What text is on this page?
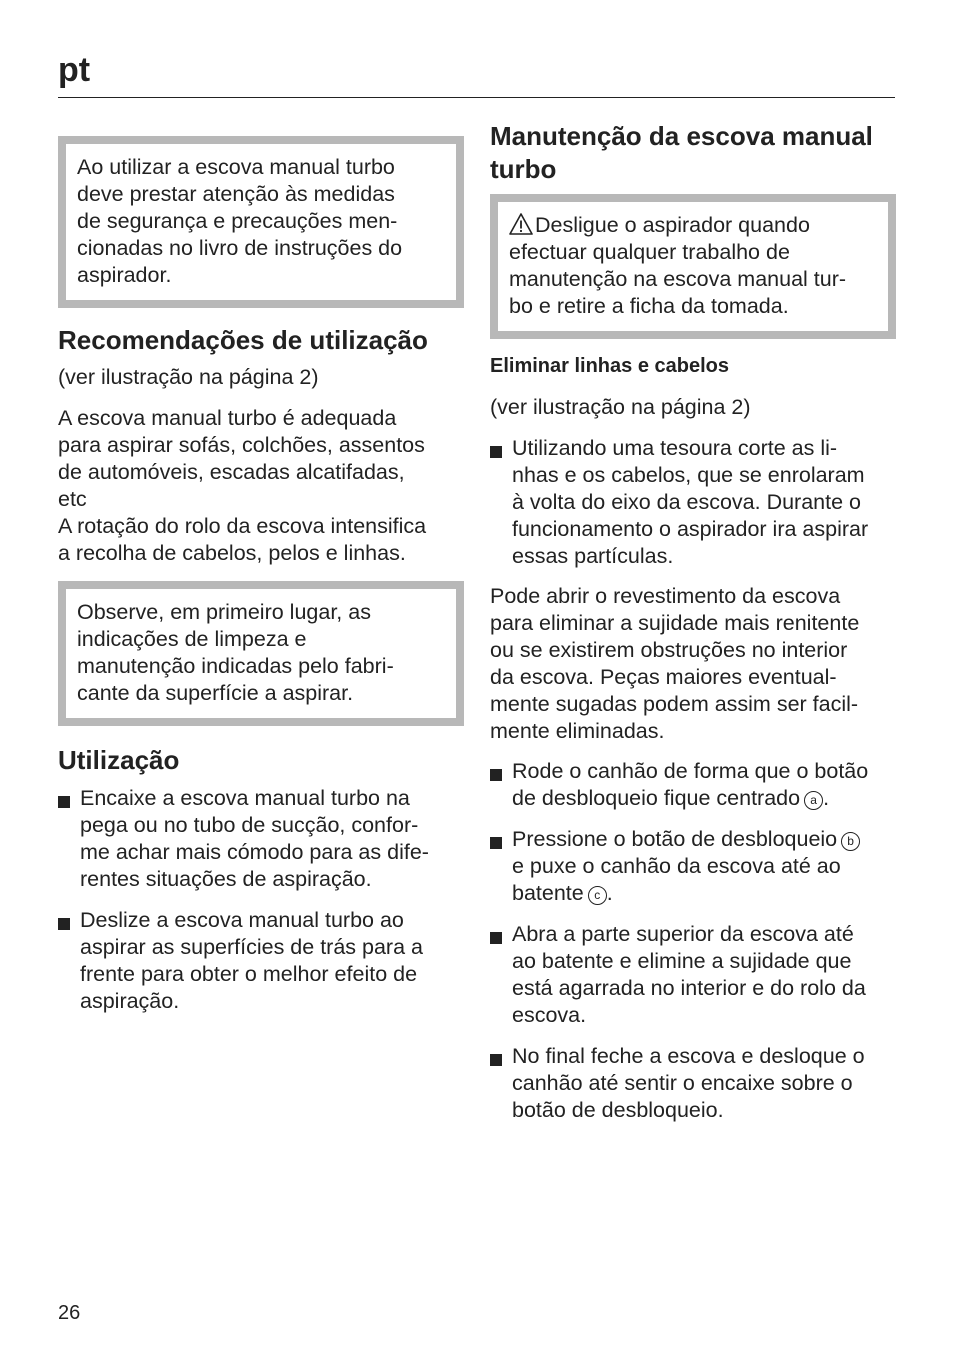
pt
Ao utilizar a escova manual turbo
deve prestar atenção às medidas
de segurança e precauções men-
cionadas no livro de instruções do
aspirador.
Recomendações de utilização

(ver ilustração na página 2)

A escova manual turbo é adequada

para aspirar sofás, colchões, assentos

de automóveis, escadas alcatifadas,

etc

A rotação do rolo da escova intensifica

a recolha de cabelos, pelos e linhas.

Observe, em primeiro lugar, as
indicações de limpeza e
manutenção indicadas pelo fabri-
cante da superfície a aspirar.
Utilização
Encaixe a escova manual turbo na
pega ou no tubo de sucção, confor-
me achar mais cómodo para as dife-
rentes situações de aspiração.
Deslize a escova manual turbo ao
aspirar as superfícies de trás para a
frente para obter o melhor efeito de
aspiração.
Manutenção da escova manual
turbo
Desligue o aspirador quando
efectuar qualquer trabalho de
manutenção na escova manual tur-
bo e retire a ficha da tomada.
Eliminar linhas e cabelos

(ver ilustração na página 2)

Utilizando uma tesoura corte as li-
nhas e os cabelos, que se enrolaram
à volta do eixo da escova. Durante o
funcionamento o aspirador ira aspirar
essas partículas.

Pode abrir o revestimento da escova

para eliminar a sujidade mais renitente

ou se existirem obstruções no interior

da escova. Peças maiores eventual-

mente sugadas podem assim ser facil-

mente eliminadas.

Rode o canhão de forma que o botão
de desbloqueio fique centrado a .
Pressione o botão de desbloqueio b
e puxe o canhão da escova até ao
batente c .
Abra a parte superior da escova até
ao batente e elimine a sujidade que
está agarrada no interior e do rolo da
escova.
No final feche a escova e desloque o
canhão até sentir o encaixe sobre o
botão de desbloqueio.
26
